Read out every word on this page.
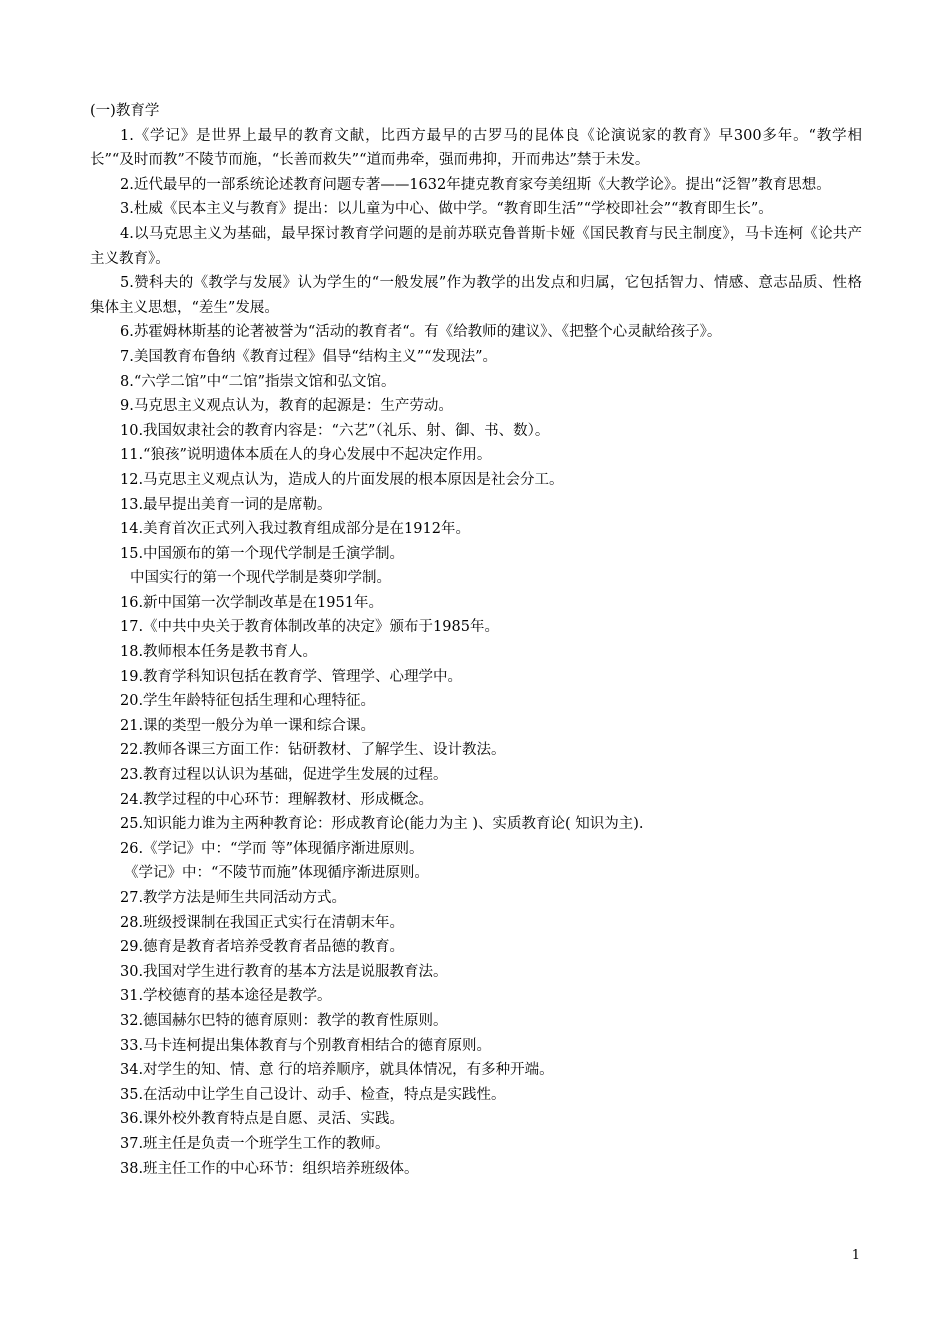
(一)教育学

1.《学记》是世界上最早的教育文献，比西方最早的古罗马的昆体良《论演说家的教育》早300多年。“教学相长”“及时而教”不陵节而施，“长善而救失”“道而弗牵，强而弗抑，开而弗达”禁于未发。

2.近代最早的一部系统论述教育问题专著——1632年捷克教育家夸美纽斯《大教学论》。提出“泛智”教育思想。

3.杜威《民本主义与教育》提出：以儿童为中心、做中学。“教育即生活”“学校即社会”“教育即生长”。

4.以马克思主义为基础，最早探讨教育学问题的是前苏联克鲁普斯卡娅《国民教育与民主制度》，马卡连柯《论共产主义教育》。

5.赞科夫的《教学与发展》认为学生的“一般发展”作为教学的出发点和归属，它包括智力、情感、意志品质、性格 集体主义思想，“差生”发展。

6.苏霍姆林斯基的论著被誉为“活动的教育者“。有《给教师的建议》、《把整个心灵献给孩子》。

7.美国教育布鲁纳《教育过程》倡导“结构主义”“发现法”。

8.“六学二馆”中“二馆”指崇文馆和弘文馆。

9.马克思主义观点认为，教育的起源是：生产劳动。

10.我国奴隶社会的教育内容是：“六艺”（礼乐、射、御、书、数）。

11.“狼孩”说明遗体本质在人的身心发展中不起决定作用。

12.马克思主义观点认为，造成人的片面发展的根本原因是社会分工。

13.最早提出美育一词的是席勒。

14.美育首次正式列入我过教育组成部分是在1912年。

15.中国颁布的第一个现代学制是壬演学制。

中国实行的第一个现代学制是葵卯学制。

16.新中国第一次学制改革是在1951年。

17.《中共中央关于教育体制改革的决定》颁布于1985年。

18.教师根本任务是教书育人。

19.教育学科知识包括在教育学、管理学、心理学中。

20.学生年龄特征包括生理和心理特征。

21.课的类型一般分为单一课和综合课。

22.教师各课三方面工作：钻研教材、了解学生、设计教法。

23.教育过程以认识为基础，促进学生发展的过程。

24.教学过程的中心环节：理解教材、形成概念。

25.知识能力谁为主两种教育论：形成教育论(能力为主 )、实质教育论( 知识为主).

26.《学记》中：“学而 等”体现循序渐进原则。

《学记》中：“不陵节而施”体现循序渐进原则。

27.教学方法是师生共同活动方式。

28.班级授课制在我国正式实行在清朝末年。

29.德育是教育者培养受教育者品德的教育。

30.我国对学生进行教育的基本方法是说服教育法。

31.学校德育的基本途径是教学。

32.德国赫尔巴特的德育原则：教学的教育性原则。

33.马卡连柯提出集体教育与个别教育相结合的德育原则。

34.对学生的知、情、意 行的培养顺序，就具体情况，有多种开端。

35.在活动中让学生自己设计、动手、检查，特点是实践性。

36.课外校外教育特点是自愿、灵活、实践。

37.班主任是负责一个班学生工作的教师。

38.班主任工作的中心环节：组织培养班级体。

1
